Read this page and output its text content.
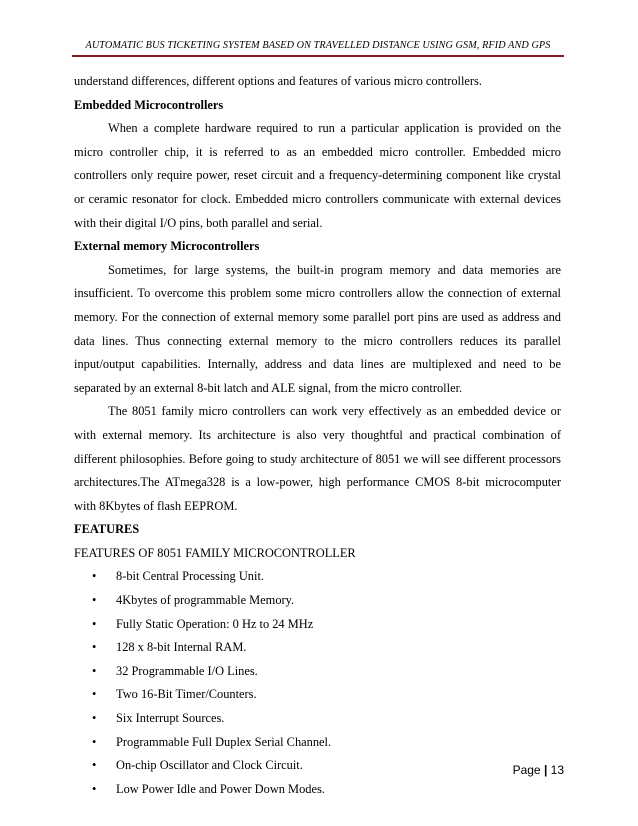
AUTOMATIC BUS TICKETING SYSTEM BASED ON TRAVELLED DISTANCE USING GSM, RFID AND GPS

understand differences, different options and features of various micro controllers.

Embedded Microcontrollers

When a complete hardware required to run a particular application is provided on the micro controller chip, it is referred to as an embedded micro controller. Embedded micro controllers only require power, reset circuit and a frequency-determining component like crystal or ceramic resonator for clock. Embedded micro controllers communicate with external devices with their digital I/O pins, both parallel and serial.

External memory Microcontrollers

Sometimes, for large systems, the built-in program memory and data memories are insufficient. To overcome this problem some micro controllers allow the connection of external memory. For the connection of external memory some parallel port pins are used as address and data lines. Thus connecting external memory to the micro controllers reduces its parallel input/output capabilities. Internally, address and data lines are multiplexed and need to be separated by an external 8-bit latch and ALE signal, from the micro controller.

The 8051 family micro controllers can work very effectively as an embedded device or with external memory. Its architecture is also very thoughtful and practical combination of different philosophies. Before going to study architecture of 8051 we will see different processors architectures.The ATmega328 is a low-power, high performance CMOS 8-bit microcomputer with 8Kbytes of flash EEPROM.

FEATURES

FEATURES OF 8051 FAMILY MICROCONTROLLER

• 8-bit Central Processing Unit.
• 4Kbytes of programmable Memory.
• Fully Static Operation: 0 Hz to 24 MHz
• 128 x 8-bit Internal RAM.
• 32 Programmable I/O Lines.
• Two 16-Bit Timer/Counters.
• Six Interrupt Sources.
• Programmable Full Duplex Serial Channel.
• On-chip Oscillator and Clock Circuit.
• Low Power Idle and Power Down Modes.
Page | 13
